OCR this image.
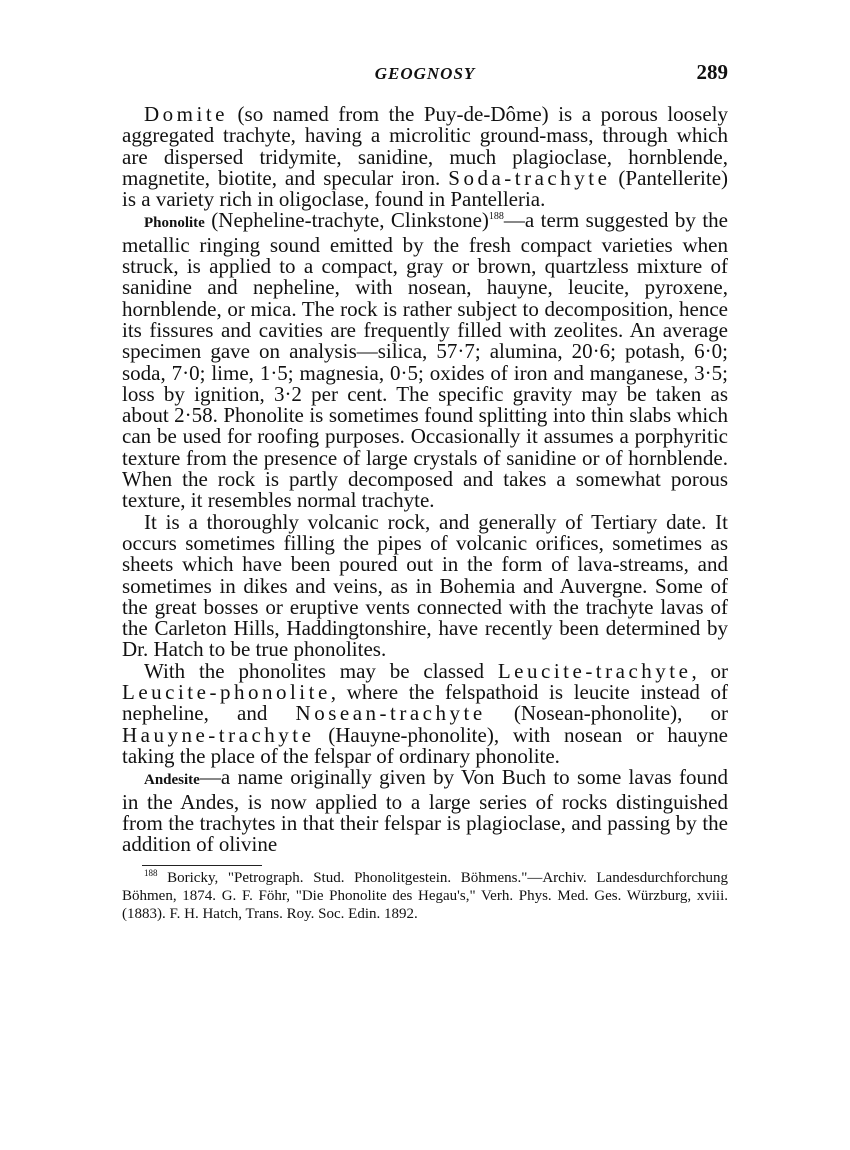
GEOGNOSY	289

Domite (so named from the Puy-de-Dôme) is a porous loosely aggregated trachyte, having a microlitic ground-mass, through which are dispersed tridymite, sanidine, much plagioclase, hornblende, magnetite, biotite, and specular iron. Soda-trachyte (Pantellerite) is a variety rich in oligoclase, found in Pantelleria.

Phonolite (Nepheline-trachyte, Clinkstone)$^{188}$—a term suggested by the metallic ringing sound emitted by the fresh compact varieties when struck, is applied to a compact, gray or brown, quartzless mixture of sanidine and nepheline, with nosean, hauyne, leucite, pyroxene, hornblende, or mica. The rock is rather subject to decomposition, hence its fissures and cavities are frequently filled with zeolites. An average specimen gave on analysis—silica, 57·7; alumina, 20·6; potash, 6·0; soda, 7·0; lime, 1·5; magnesia, 0·5; oxides of iron and manganese, 3·5; loss by ignition, 3·2 per cent. The specific gravity may be taken as about 2·58. Phonolite is sometimes found splitting into thin slabs which can be used for roofing purposes. Occasionally it assumes a porphyritic texture from the presence of large crystals of sanidine or of hornblende. When the rock is partly decomposed and takes a somewhat porous texture, it resembles normal trachyte.

It is a thoroughly volcanic rock, and generally of Tertiary date. It occurs sometimes filling the pipes of volcanic orifices, sometimes as sheets which have been poured out in the form of lava-streams, and sometimes in dikes and veins, as in Bohemia and Auvergne. Some of the great bosses or eruptive vents connected with the trachyte lavas of the Carleton Hills, Haddingtonshire, have recently been determined by Dr. Hatch to be true phonolites.

With the phonolites may be classed Leucite-trachyte, or Leucite-phonolite, where the felspathoid is leucite instead of nepheline, and Nosean-trachyte (Nosean-phonolite), or Hauyne-trachyte (Hauyne-phonolite), with nosean or hauyne taking the place of the felspar of ordinary phonolite.

Andesite—a name originally given by Von Buch to some lavas found in the Andes, is now applied to a large series of rocks distinguished from the trachytes in that their felspar is plagioclase, and passing by the addition of olivine

$^{188}$ Boricky, "Petrograph. Stud. Phonolitgestein. Böhmens."—Archiv. Landesdurchforchung Böhmen, 1874. G. F. Föhr, "Die Phonolite des Hegau's," Verh. Phys. Med. Ges. Würzburg, xviii. (1883). F. H. Hatch, Trans. Roy. Soc. Edin. 1892.
